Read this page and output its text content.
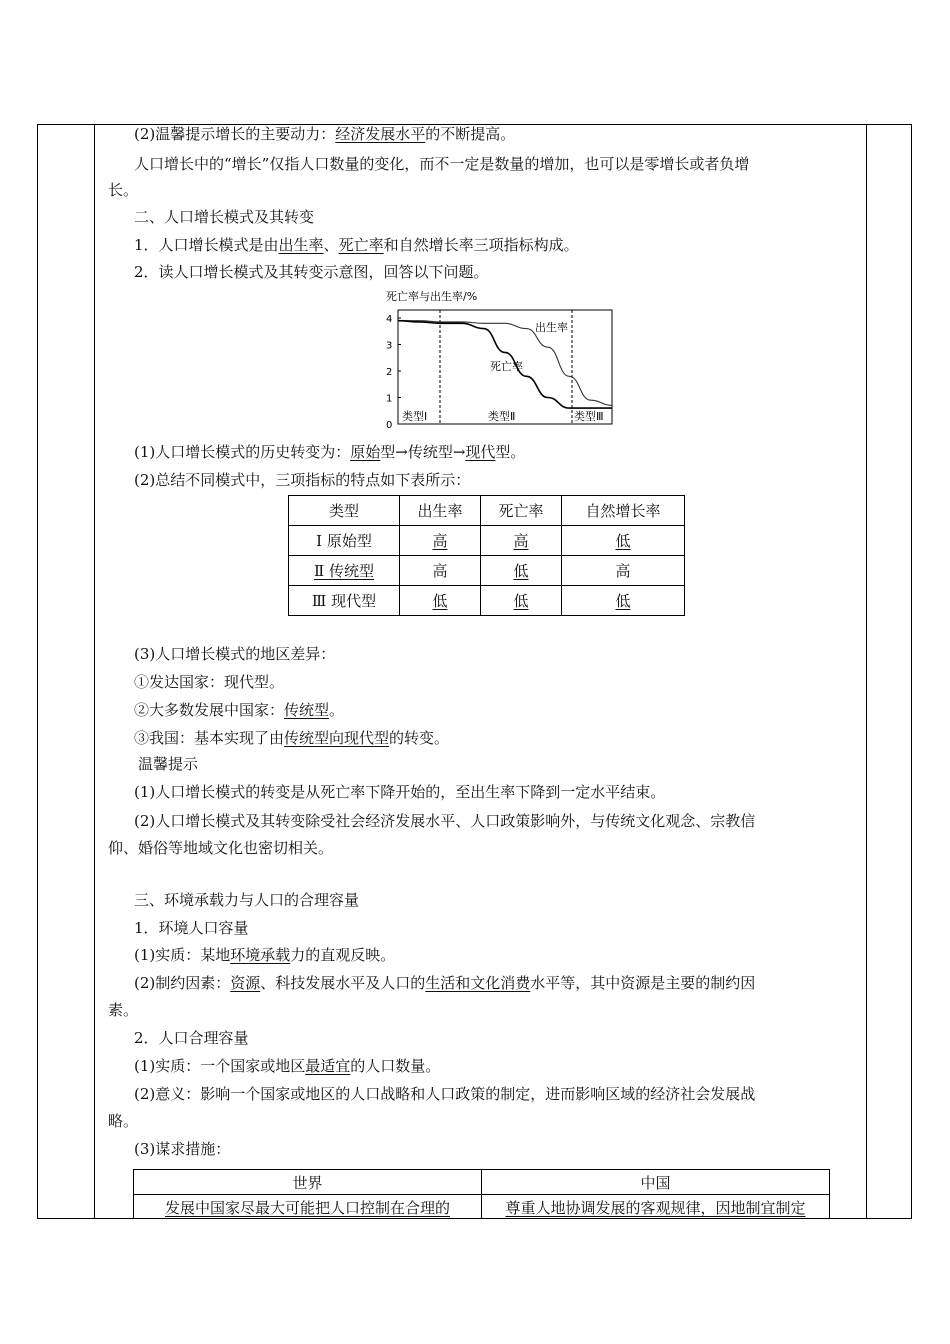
(2)温馨提示增长的主要动力：经济发展水平的不断提高。
人口增长中的“增长”仅指人口数量的变化，而不一定是数量的增加，也可以是零增长或者负增
长。
二、人口增长模式及其转变
1．人口增长模式是由出生率、死亡率和自然增长率三项指标构成。
2．读人口增长模式及其转变示意图，回答以下问题。
死亡率与出生率/%
0
1
2
3
4
出生率
死亡率
类型Ⅰ	类型Ⅱ	类型Ⅲ
(1)人口增长模式的历史转变为：原始型→传统型→现代型。
(2)总结不同模式中，三项指标的特点如下表所示：
类型	出生率	死亡率	自然增长率
Ⅰ 原始型	高	高	低
Ⅱ 传统型	高	低	高
Ⅲ 现代型	低	低	低
(3)人口增长模式的地区差异：
①发达国家：现代型。
②大多数发展中国家：传统型。
③我国：基本实现了由传统型向现代型的转变。
温馨提示
(1)人口增长模式的转变是从死亡率下降开始的，至出生率下降到一定水平结束。
(2)人口增长模式及其转变除受社会经济发展水平、人口政策影响外，与传统文化观念、宗教信
仰、婚俗等地域文化也密切相关。
三、环境承载力与人口的合理容量
1．环境人口容量
(1)实质：某地环境承载力的直观反映。
(2)制约因素：资源、科技发展水平及人口的生活和文化消费水平等，其中资源是主要的制约因
素。
2．人口合理容量
(1)实质：一个国家或地区最适宜的人口数量。
(2)意义：影响一个国家或地区的人口战略和人口政策的制定，进而影响区域的经济社会发展战
略。
(3)谋求措施：
世界	中国
发展中国家尽最大可能把人口控制在合理的	尊重人地协调发展的客观规律，因地制宜制定
